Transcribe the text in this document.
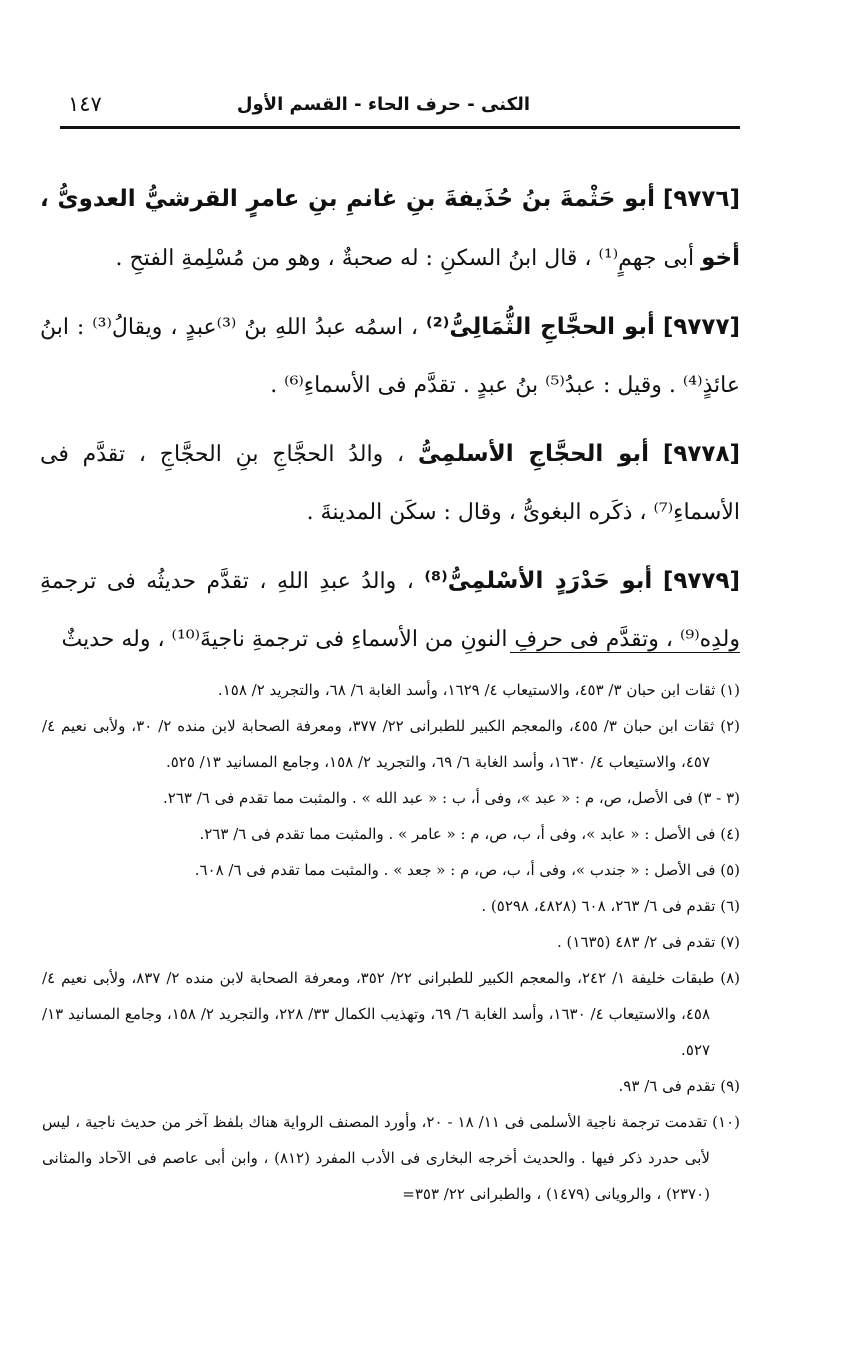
الكنى - حرف الحاء - القسم الأول
١٤٧

[٩٧٧٦] أبو حَثْمةَ بنُ حُذَيفةَ بنِ غانمِ بنِ عامرٍ القرشيُّ العدوىُّ ، أخو أبى جهمٍ⁽¹⁾ ، قال ابنُ السكنِ : له صحبةٌ ، وهو من مُسْلِمةِ الفتحِ .

[٩٧٧٧] أبو الحجَّاجِ الثُّمَالِىُّ⁽²⁾ ، اسمُه عبدُ اللهِ بنُ ⁽³⁾عبدٍ ، ويقالُ⁽³⁾ : ابنُ عائذٍ⁽⁴⁾ . وقيل : عبدُ⁽⁵⁾ بنُ عبدٍ . تقدَّم فى الأسماءِ⁽⁶⁾ .

[٩٧٧٨] أبو الحجَّاجِ الأسلمِىُّ ، والدُ الحجَّاجِ بنِ الحجَّاجِ ، تقدَّم فى الأسماءِ⁽⁷⁾ ، ذكَره البغوىُّ ، وقال : سكَن المدينةَ .

[٩٧٧٩] أبو حَدْرَدٍ الأسْلمِىُّ⁽⁸⁾ ، والدُ عبدِ اللهِ ، تقدَّم حديثُه فى ترجمةِ ولدِه⁽⁹⁾ ، وتقدَّم فى حرفِ النونِ من الأسماءِ فى ترجمةِ ناجيةَ⁽¹⁰⁾ ، وله حديثٌ

(١) ثقات ابن حبان ٣/ ٤٥٣، والاستيعاب ٤/ ١٦٢٩، وأسد الغابة ٦/ ٦٨، والتجريد ٢/ ١٥٨.

(٢) ثقات ابن حبان ٣/ ٤٥٥، والمعجم الكبير للطبرانى ٢٢/ ٣٧٧، ومعرفة الصحابة لابن منده ٢/ ٣٠، ولأبى نعيم ٤/ ٤٥٧، والاستيعاب ٤/ ١٦٣٠، وأسد الغابة ٦/ ٦٩، والتجريد ٢/ ١٥٨، وجامع المسانيد ١٣/ ٥٢٥.

(٣ - ٣) فى الأصل، ص، م : « عبد »، وفى أ، ب : « عبد الله » . والمثبت مما تقدم فى ٦/ ٢٦٣.

(٤) فى الأصل : « عابد »، وفى أ، ب، ص، م : « عامر » . والمثبت مما تقدم فى ٦/ ٢٦٣.

(٥) فى الأصل : « جندب »، وفى أ، ب، ص، م : « جعد » . والمثبت مما تقدم فى ٦/ ٦٠٨.

(٦) تقدم فى ٦/ ٢٦٣، ٦٠٨ (٤٨٢٨، ٥٢٩٨) .

(٧) تقدم فى ٢/ ٤٨٣ (١٦٣٥) .

(٨) طبقات خليفة ١/ ٢٤٢، والمعجم الكبير للطبرانى ٢٢/ ٣٥٢، ومعرفة الصحابة لابن منده ٢/ ٨٣٧، ولأبى نعيم ٤/ ٤٥٨، والاستيعاب ٤/ ١٦٣٠، وأسد الغابة ٦/ ٦٩، وتهذيب الكمال ٣٣/ ٢٢٨، والتجريد ٢/ ١٥٨، وجامع المسانيد ١٣/ ٥٢٧.

(٩) تقدم فى ٦/ ٩٣.

(١٠) تقدمت ترجمة ناجية الأسلمى فى ١١/ ١٨ - ٢٠، وأورد المصنف الرواية هناك بلفظ آخر من حديث ناجية ، ليس لأبى حدرد ذكر فيها . والحديث أخرجه البخارى فى الأدب المفرد (٨١٢) ، وابن أبى عاصم فى الآحاد والمثانى (٢٣٧٠) ، والرويانى (١٤٧٩) ، والطبرانى ٢٢/ ٣٥٣=
